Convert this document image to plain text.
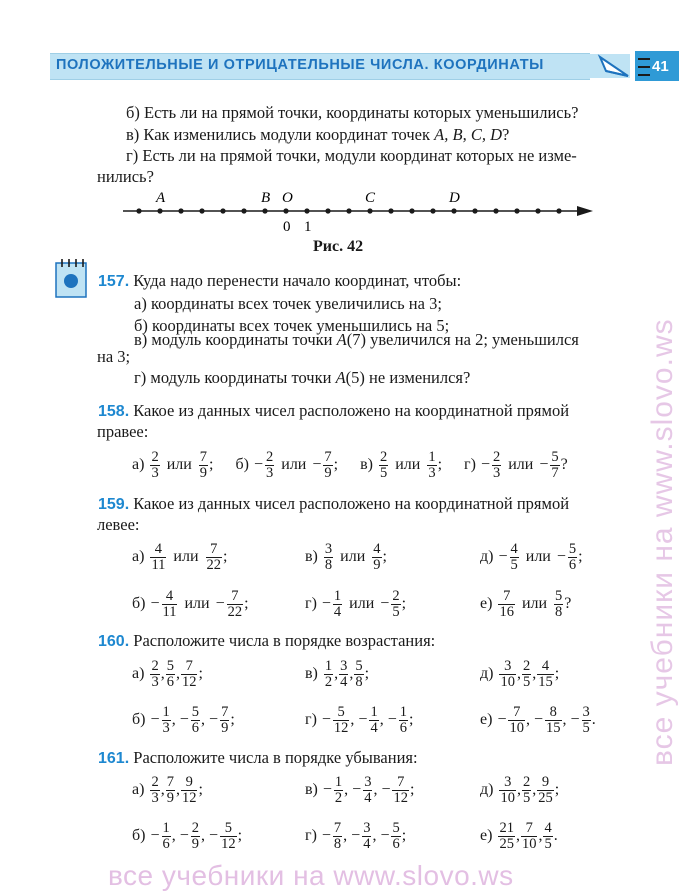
ПОЛОЖИТЕЛЬНЫЕ И ОТРИЦАТЕЛЬНЫЕ ЧИСЛА. КООРДИНАТЫ	41
б) Есть ли на прямой точки, координаты которых уменьшились?
в) Как изменились модули координат точек A, B, C, D?
г) Есть ли на прямой точки, модули координат которых не изме-
нились?
A	B O	C	D
0 1
Рис. 42
157. Куда надо перенести начало координат, чтобы:
а) координаты всех точек увеличились на 3;
б) координаты всех точек уменьшились на 5;
в) модуль координаты точки A(7) увеличился на 2; уменьшился
на 3;
г) модуль координаты точки A(5) не изменился?
158. Какое из данных чисел расположено на координатной прямой
правее:
а) 2
3 или 7
9 ; $б) - \frac{2}{3}$ или − $\frac{7}{9}$ ; в) 2
5 или 1
3 ; $г) - \frac{2}{3}$ или − $\frac{5}{7}$ ?
159. Какое из данных чисел расположено на координатной прямой
левее:
а) 4
11 или 7
22 ;	в) 3
8 или 4
9 ;	$д) - \frac{4}{5}$ или − $\frac{5}{6}$ ;
$б) - \frac{4}{11}$ или − $\frac{7}{22}$ ;	$г) - \frac{1}{4}$ или − $\frac{2}{5}$ ;	е) 7
16 или 5
8 ?
160. Расположите числа в порядке возрастания:
а) 2
3 , 5
6 , 7
12 ;	в) 1
2 , 3
4 , 5
8 ;	д) 3
10 , 2
5 , 4
15 ;
$б) - \frac{1}{3}$ ,
− $\frac{5}{6}$ ,
− $\frac{7}{9}$ ;	$г) - \frac{5}{12}$ ,
− $\frac{1}{4}$ ,
− $\frac{1}{6}$ ;	$е) - \frac{7}{10}$ ,
− $\frac{8}{15}$ ,
− $\frac{3}{5}$ .
161. Расположите числа в порядке убывания:
а) 2
3 , 7
9 , 9
12 ;	$в) - \frac{1}{2}$ ,
− $\frac{3}{4}$ ,
− $\frac{7}{12}$ ;	д) 3
10 , 2
5 , 9
25 ;
$б) - \frac{1}{6}$ ,
− $\frac{2}{9}$ ,
− $\frac{5}{12}$ ;	$г) - \frac{7}{8}$ ,
− $\frac{3}{4}$ ,
− $\frac{5}{6}$ ;	е) 21
25 , 7
10 , 4
5 .
все учебники на www.slovo.ws
все учебники на www.slovo.ws
